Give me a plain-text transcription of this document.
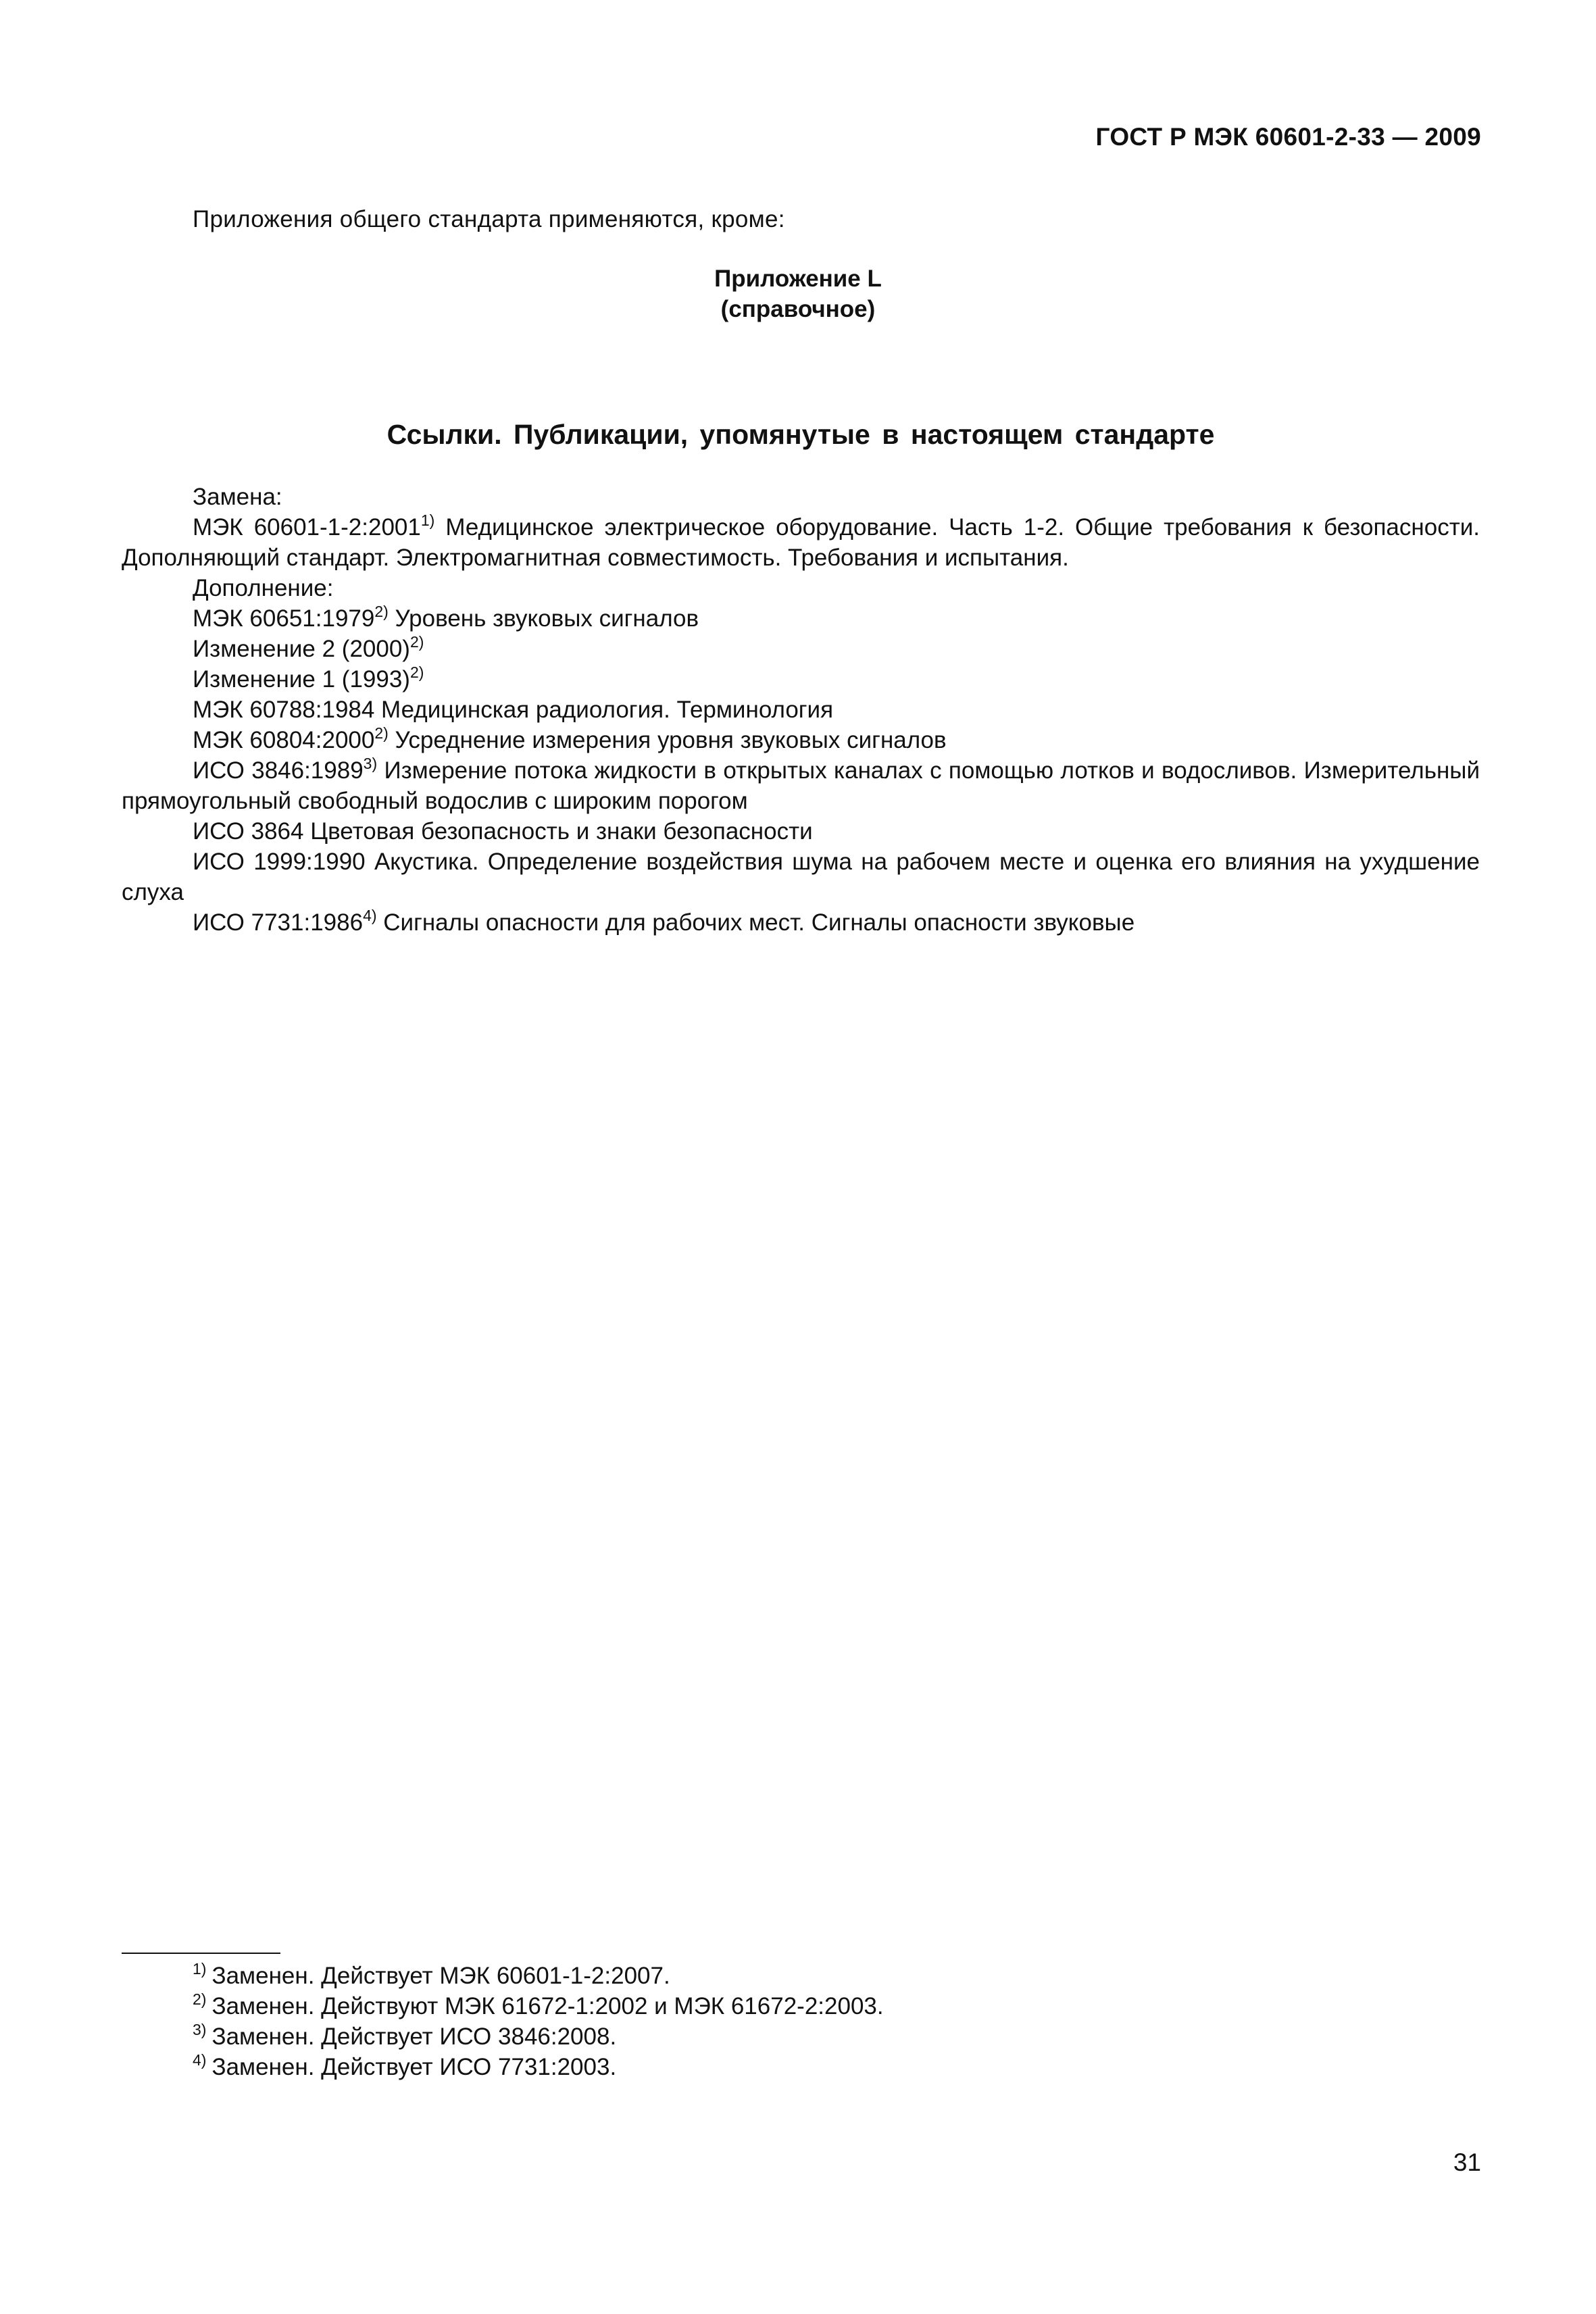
ГОСТ Р МЭК 60601-2-33 — 2009
Приложения общего стандарта применяются, кроме:
Приложение L
(справочное)
Ссылки. Публикации, упомянутые в настоящем стандарте
Замена:
МЭК 60601-1-2:2001$^{1)}$ Медицинское электрическое оборудование. Часть 1-2. Общие требования к безопасности. Дополняющий стандарт. Электромагнитная совместимость. Требования и испытания.
Дополнение:
МЭК 60651:1979$^{2)}$ Уровень звуковых сигналов
Изменение 2 $(2000)^{2)}$
Изменение 1 $(1993)^{2)}$
МЭК 60788:1984 Медицинская радиология. Терминология
МЭК 60804:2000$^{2)}$ Усреднение измерения уровня звуковых сигналов
ИСО 3846:1989$^{3)}$ Измерение потока жидкости в открытых каналах с помощью лотков и водосливов. Измерительный прямоугольный свободный водослив с широким порогом
ИСО 3864 Цветовая безопасность и знаки безопасности
ИСО 1999:1990 Акустика. Определение воздействия шума на рабочем месте и оценка его влияния на ухудшение слуха
ИСО 7731:1986$^{4)}$ Сигналы опасности для рабочих мест. Сигналы опасности звуковые
$^{1)}$ Заменен. Действует МЭК 60601-1-2:2007.
$^{2)}$ Заменен. Действуют МЭК 61672-1:2002 и МЭК 61672-2:2003.
$^{3)}$ Заменен. Действует ИСО 3846:2008.
$^{4)}$ Заменен. Действует ИСО 7731:2003.
31
